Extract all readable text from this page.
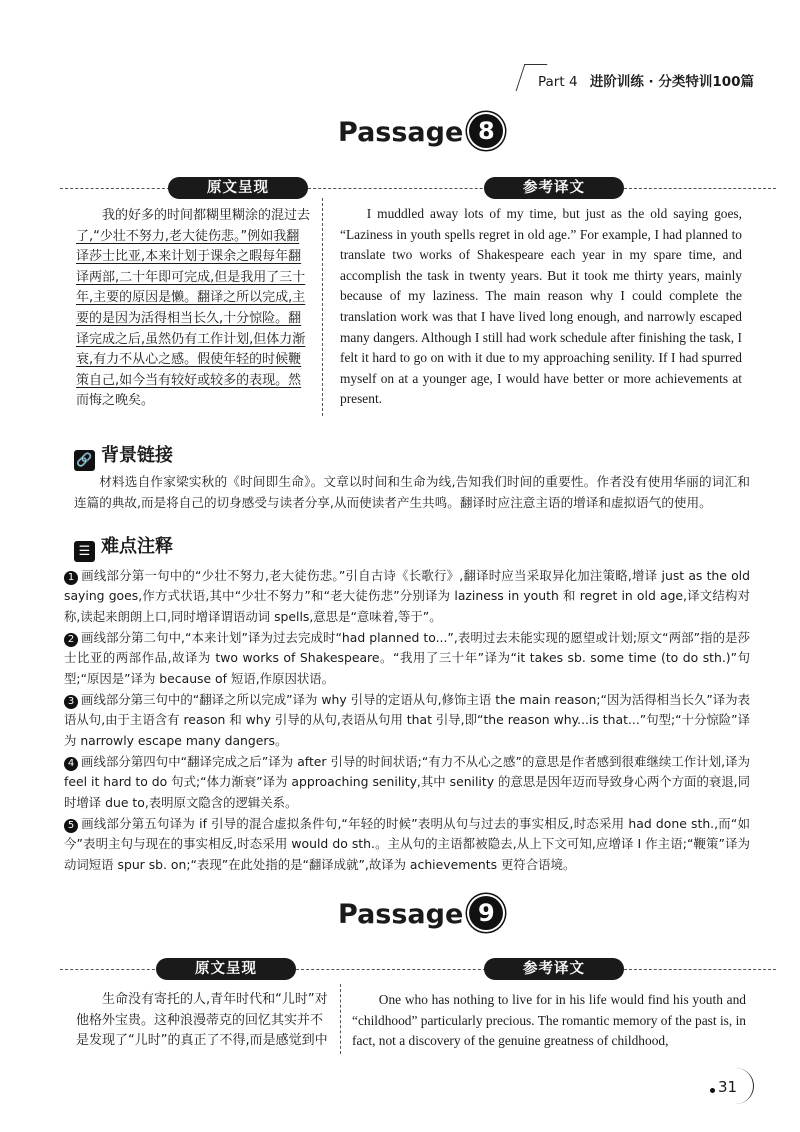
Part 4 进阶训练 · 分类特训100篇
Passage 8
原文呈现	参考译文
我的好多的时间都糊里糊涂的混过去
了,“少壮不努力,老大徒伤悲。”例如我翻
译莎士比亚,本来计划于课余之暇每年翻
译两部,二十年即可完成,但是我用了三十
年,主要的原因是懒。翻译之所以完成,主
要的是因为活得相当长久,十分惊险。翻
译完成之后,虽然仍有工作计划,但体力渐
衰,有力不从心之感。假使年轻的时候鞭
策自己,如今当有较好或较多的表现。然
而悔之晚矣。
I muddled away lots of my time, but just as the old saying goes, “Laziness in youth spells regret in old age.” For example, I had planned to translate two works of Shakespeare each year in my spare time, and accomplish the task in twenty years. But it took me thirty years, mainly because of my laziness. The main reason why I could complete the translation work was that I have lived long enough, and narrowly escaped many dangers. Although I still had work schedule after finishing the task, I felt it hard to go on with it due to my approaching senility. If I had spurred myself on at a younger age, I would have better or more achievements at present.
🔗 背景链接
材料选自作家梁实秋的《时间即生命》。文章以时间和生命为线,告知我们时间的重要性。作者没有使用华丽的词汇和连篇的典故,而是将自己的切身感受与读者分享,从而使读者产生共鸣。翻译时应注意主语的增译和虚拟语气的使用。
☰ 难点注释
1 画线部分第一句中的“少壮不努力,老大徒伤悲。”引自古诗《长歌行》,翻译时应当采取异化加注策略,增译 just as the old saying goes,作方式状语,其中“少壮不努力”和“老大徒伤悲”分别译为 laziness in youth 和 regret in old age,译文结构对称,读起来朗朗上口,同时增译谓语动词 spells,意思是“意味着,等于”。
2 画线部分第二句中,“本来计划”译为过去完成时“had planned to...”,表明过去未能实现的愿望或计划;原文“两部”指的是莎士比亚的两部作品,故译为 two works of Shakespeare。“我用了三十年”译为“it takes sb. some time (to do sth.)”句型;“原因是”译为 because of 短语,作原因状语。
3 画线部分第三句中的“翻译之所以完成”译为 why 引导的定语从句,修饰主语 the main reason;“因为活得相当长久”译为表语从句,由于主语含有 reason 和 why 引导的从句,表语从句用 that 引导,即“the reason why...is that...”句型;“十分惊险”译为 narrowly escape many dangers。
4 画线部分第四句中“翻译完成之后”译为 after 引导的时间状语;“有力不从心之感”的意思是作者感到很难继续工作计划,译为 feel it hard to do 句式;“体力渐衰”译为 approaching senility,其中 senility 的意思是因年迈而导致身心两个方面的衰退,同时增译 due to,表明原文隐含的逻辑关系。
5 画线部分第五句译为 if 引导的混合虚拟条件句,“年轻的时候”表明从句与过去的事实相反,时态采用 had done sth.,而“如今”表明主句与现在的事实相反,时态采用 would do sth.。主从句的主语都被隐去,从上下文可知,应增译 I 作主语;“鞭策”译为动词短语 spur sb. on;“表现”在此处指的是“翻译成就”,故译为 achievements 更符合语境。
Passage 9
原文呈现	参考译文
生命没有寄托的人,青年时代和“儿时”对
他格外宝贵。这种浪漫蒂克的回忆其实并不
是发现了“儿时”的真正了不得,而是感觉到中
One who has nothing to live for in his life would find his youth and “childhood” particularly precious. The romantic memory of the past is, in fact, not a discovery of the genuine greatness of childhood,
31
